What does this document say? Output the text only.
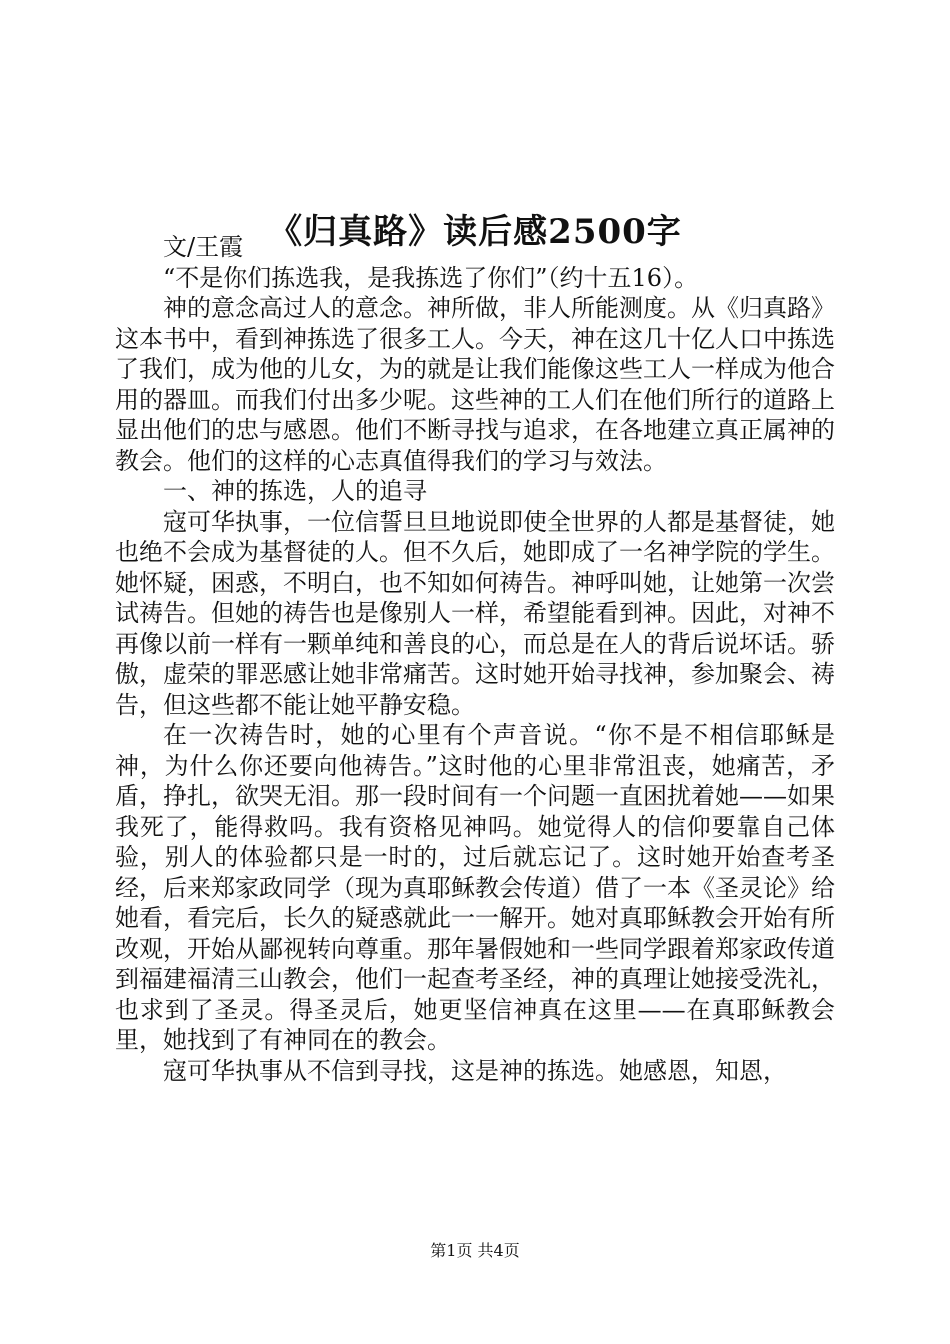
《归真路》读后感2500字

文/王霞

“不是你们拣选我，是我拣选了你们”（约十五16）。

神的意念高过人的意念。神所做，非人所能测度。从《归真路》这本书中，看到神拣选了很多工人。今天，神在这几十亿人口中拣选了我们，成为他的儿女，为的就是让我们能像这些工人一样成为他合用的器皿。而我们付出多少呢。这些神的工人们在他们所行的道路上显出他们的忠与感恩。他们不断寻找与追求，在各地建立真正属神的教会。他们的这样的心志真值得我们的学习与效法。

一、神的拣选，人的追寻

寇可华执事，一位信誓旦旦地说即使全世界的人都是基督徒，她也绝不会成为基督徒的人。但不久后，她即成了一名神学院的学生。她怀疑，困惑，不明白，也不知如何祷告。神呼叫她，让她第一次尝试祷告。但她的祷告也是像别人一样，希望能看到神。因此，对神不再像以前一样有一颗单纯和善良的心，而总是在人的背后说坏话。骄傲，虚荣的罪恶感让她非常痛苦。这时她开始寻找神，参加聚会、祷告，但这些都不能让她平静安稳。

在一次祷告时，她的心里有个声音说。“你不是不相信耶稣是神，为什么你还要向他祷告。”这时他的心里非常沮丧，她痛苦，矛盾，挣扎，欲哭无泪。那一段时间有一个问题一直困扰着她——如果我死了，能得救吗。我有资格见神吗。她觉得人的信仰要靠自己体验，别人的体验都只是一时的，过后就忘记了。这时她开始查考圣经，后来郑家政同学（现为真耶稣教会传道）借了一本《圣灵论》给她看，看完后，长久的疑惑就此一一解开。她对真耶稣教会开始有所改观，开始从鄙视转向尊重。那年暑假她和一些同学跟着郑家政传道到福建福清三山教会，他们一起查考圣经，神的真理让她接受洗礼，也求到了圣灵。得圣灵后，她更坚信神真在这里——在真耶稣教会里，她找到了有神同在的教会。

寇可华执事从不信到寻找，这是神的拣选。她感恩，知恩，

第1页 共4页
